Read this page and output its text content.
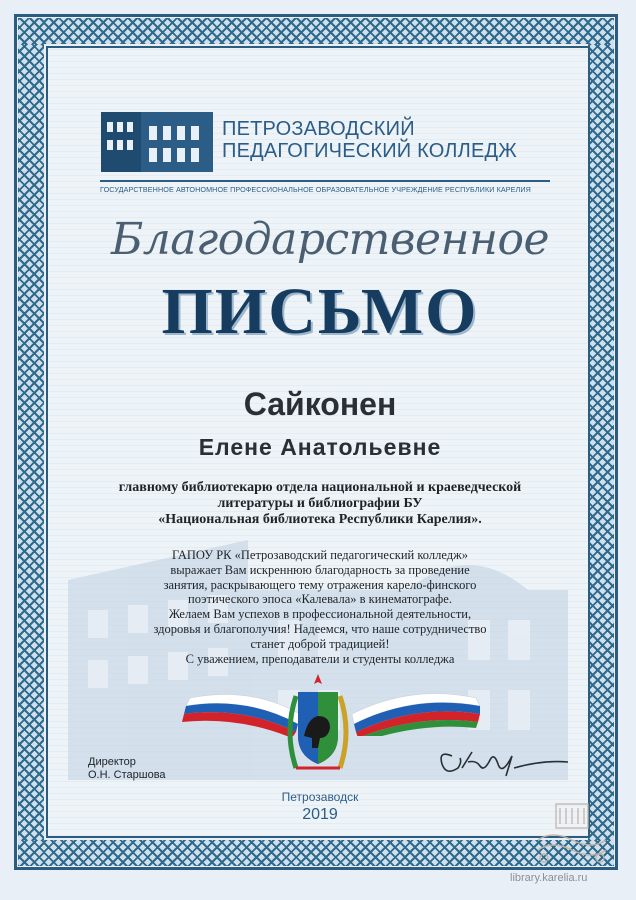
ПЕТРОЗАВОДСКИЙ
ПЕДАГОГИЧЕСКИЙ КОЛЛЕДЖ
ГОСУДАРСТВЕННОЕ АВТОНОМНОЕ ПРОФЕССИОНАЛЬНОЕ ОБРАЗОВАТЕЛЬНОЕ УЧРЕЖДЕНИЕ РЕСПУБЛИКИ КАРЕЛИЯ
Благодарственное
ПИСЬМО
Сайконен
Елене Анатольевне
главному библиотекарю отдела национальной и краеведческой
литературы и библиографии БУ
«Национальная библиотека Республики Карелия».
ГАПОУ РК «Петрозаводский педагогический колледж»
выражает Вам искреннюю благодарность за проведение
занятия, раскрывающего тему отражения карело-финского
поэтического эпоса «Калевала» в кинематографе.
Желаем Вам успехов в профессиональной деятельности,
здоровья и благополучия! Надеемся, что наше сотрудничество
станет доброй традицией!
С уважением, преподаватели и студенты колледжа
Директор
О.Н. Старшова
Петрозаводск
2019
library.karelia.ru
